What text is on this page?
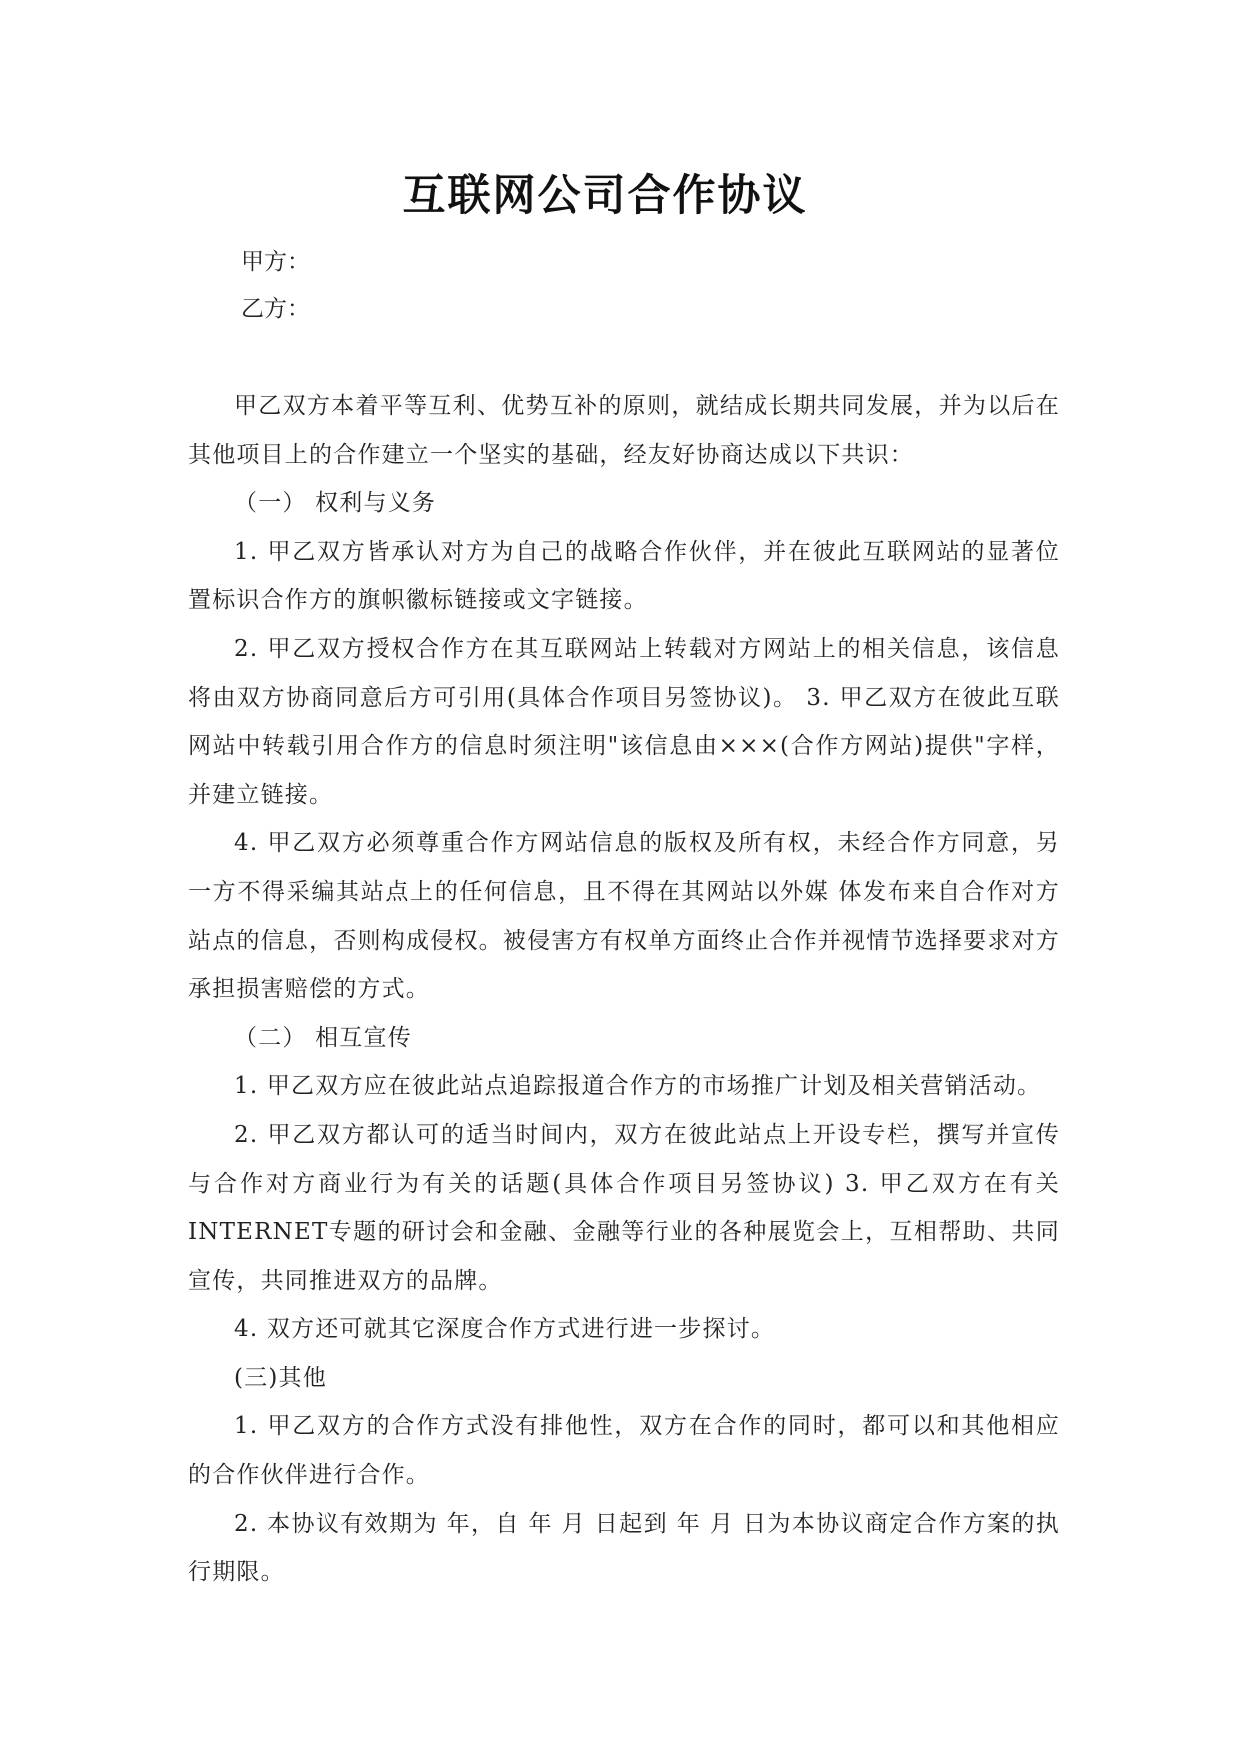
互联网公司合作协议
甲方：
乙方：

甲乙双方本着平等互利、优势互补的原则，就结成长期共同发展，并为以后在其他项目上的合作建立一个坚实的基础，经友好协商达成以下共识：

（一） 权利与义务

1. 甲乙双方皆承认对方为自己的战略合作伙伴，并在彼此互联网站的显著位置标识合作方的旗帜徽标链接或文字链接。

2. 甲乙双方授权合作方在其互联网站上转载对方网站上的相关信息，该信息将由双方协商同意后方可引用(具体合作项目另签协议)。 3. 甲乙双方在彼此互联网站中转载引用合作方的信息时须注明"该信息由×××(合作方网站)提供"字样，并建立链接。

4. 甲乙双方必须尊重合作方网站信息的版权及所有权，未经合作方同意，另一方不得采编其站点上的任何信息，且不得在其网站以外媒 体发布来自合作对方站点的信息，否则构成侵权。被侵害方有权单方面终止合作并视情节选择要求对方承担损害赔偿的方式。

（二） 相互宣传

1. 甲乙双方应在彼此站点追踪报道合作方的市场推广计划及相关营销活动。

2. 甲乙双方都认可的适当时间内，双方在彼此站点上开设专栏，撰写并宣传与合作对方商业行为有关的话题(具体合作项目另签协议) 3. 甲乙双方在有关INTERNET专题的研讨会和金融、金融等行业的各种展览会上，互相帮助、共同宣传，共同推进双方的品牌。

4. 双方还可就其它深度合作方式进行进一步探讨。

(三)其他

1. 甲乙双方的合作方式没有排他性，双方在合作的同时，都可以和其他相应的合作伙伴进行合作。

2. 本协议有效期为 年，自 年 月 日起到 年 月 日为本协议商定合作方案的执行期限。
